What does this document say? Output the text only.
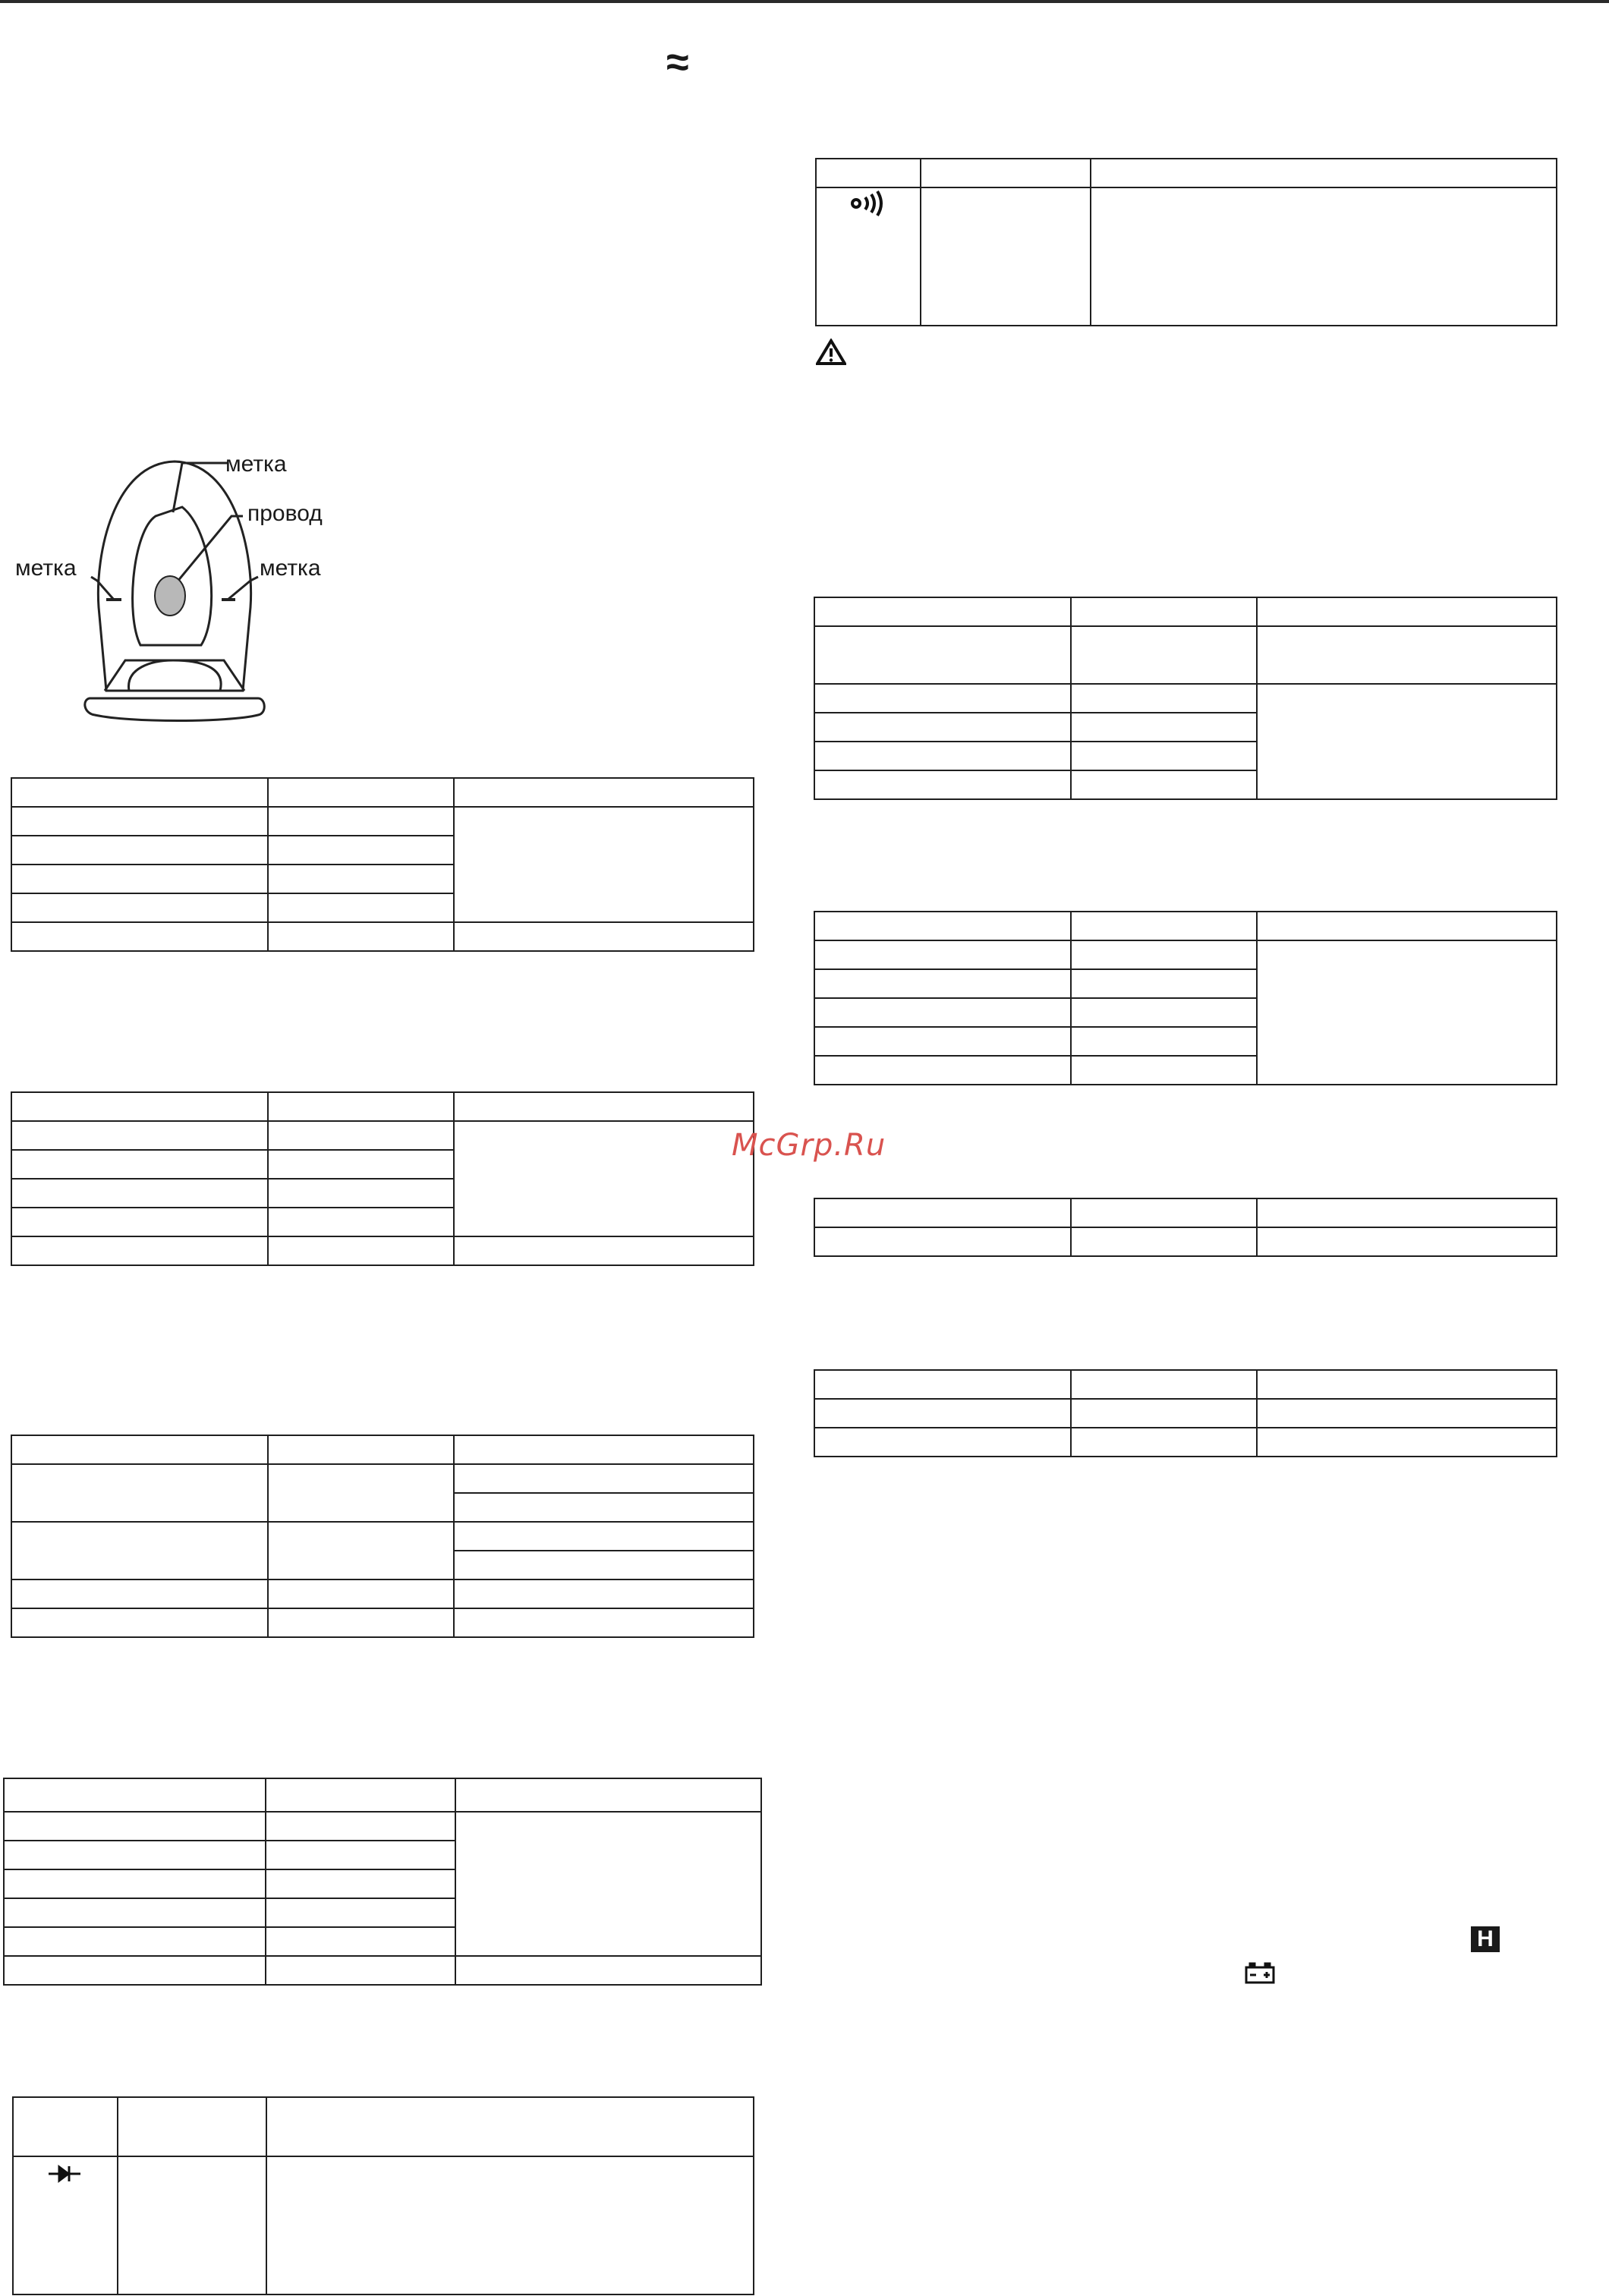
≈
метка
провод
метка	метка

McGrp.Ru

H
